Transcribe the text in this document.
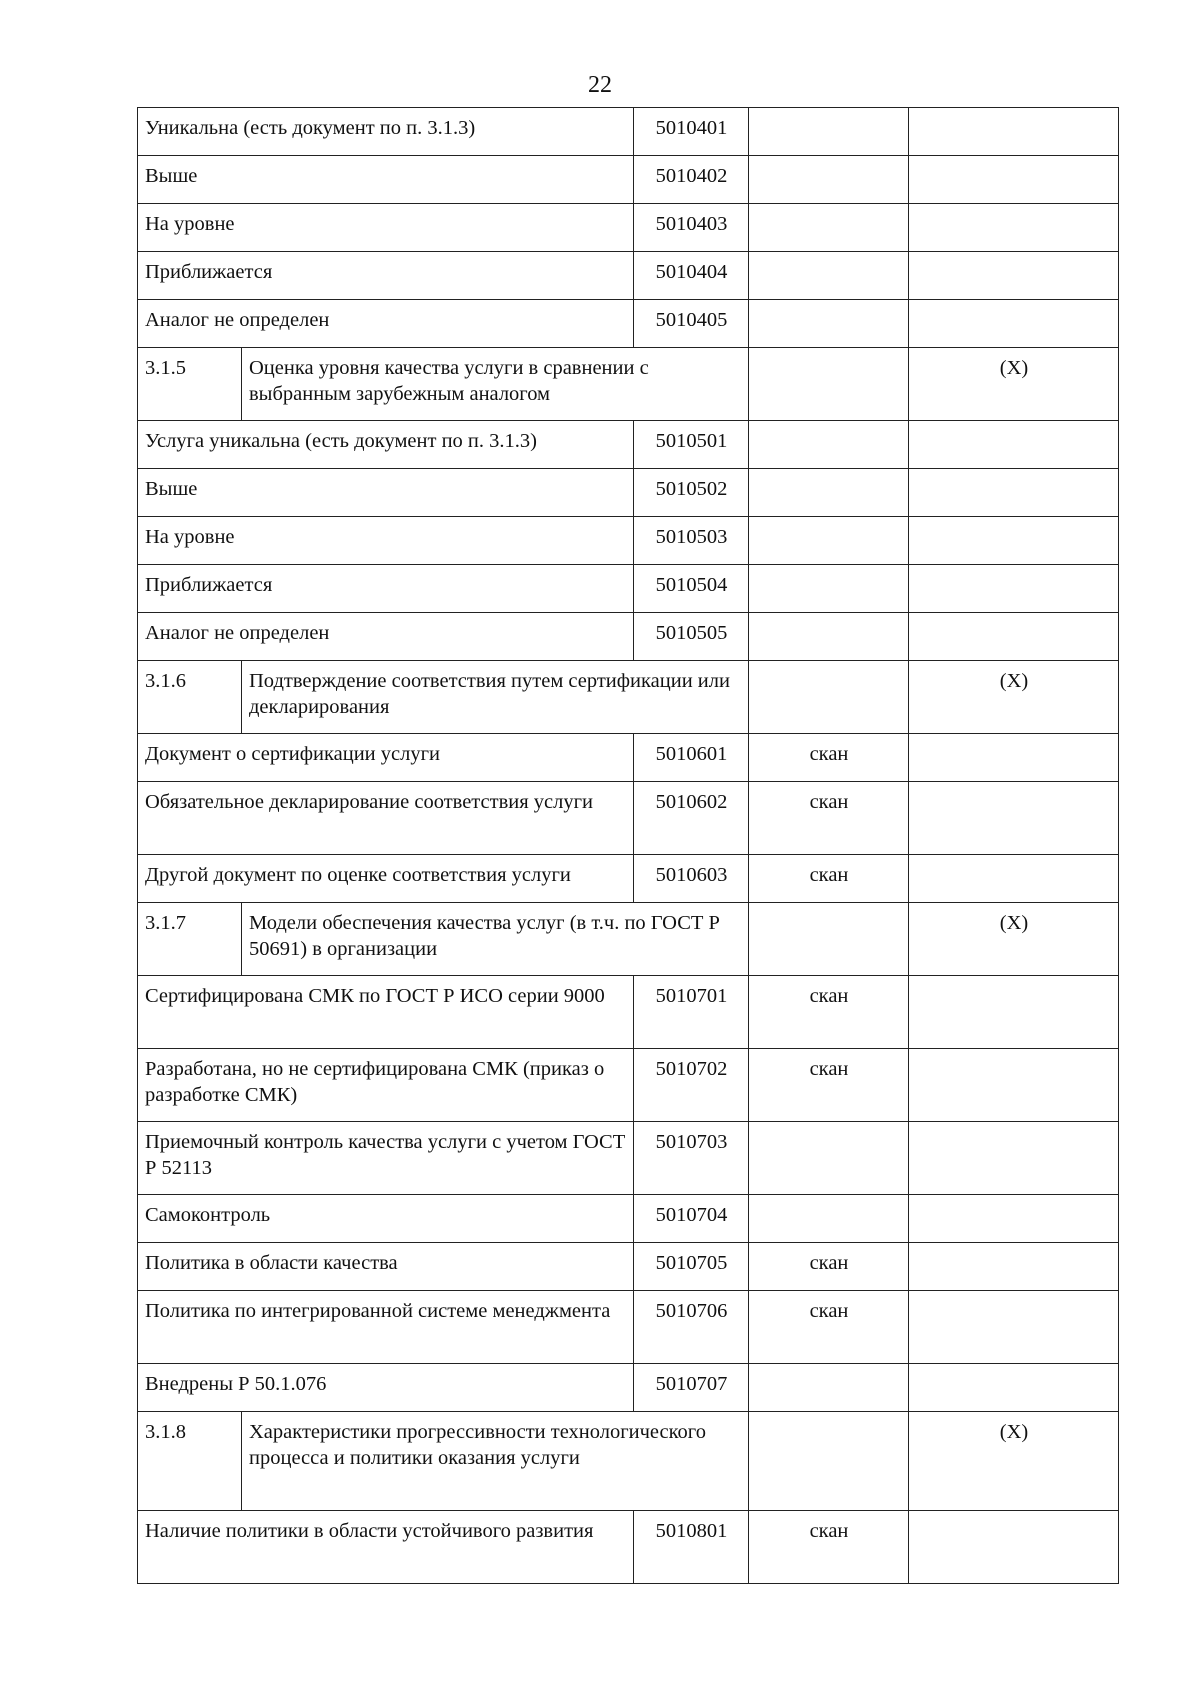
22
Уникальна (есть документ по п. 3.1.3)		5010401		
Выше		5010402		
На уровне		5010403		
Приближается		5010404		
Аналог не определен		5010405		
3.1.5	Оценка уровня качества услуги в сравнении с выбранным зарубежным аналогом			(Х)
Услуга уникальна (есть документ по п. 3.1.3)		5010501		
Выше		5010502		
На уровне		5010503		
Приближается		5010504		
Аналог не определен		5010505		
3.1.6	Подтверждение соответствия путем сертификации или декларирования			(Х)
Документ о сертификации услуги		5010601	скан	
Обязательное декларирование соответствия услуги		5010602	скан	
Другой документ по оценке соответствия услуги		5010603	скан	
3.1.7	Модели обеспечения качества услуг (в т.ч. по ГОСТ Р 50691) в организации			(Х)
Сертифицирована СМК по ГОСТ Р ИСО серии 9000		5010701	скан	
Разработана, но не сертифицирована СМК (приказ о разработке СМК)		5010702	скан	
Приемочный контроль качества услуги с учетом ГОСТ Р 52113		5010703		
Самоконтроль		5010704		
Политика в области качества		5010705	скан	
Политика по интегрированной системе менеджмента		5010706	скан	
Внедрены Р 50.1.076		5010707		
3.1.8	Характеристики прогрессивности технологического процесса и политики оказания услуги			(Х)
Наличие политики в области устойчивого развития		5010801	скан	
